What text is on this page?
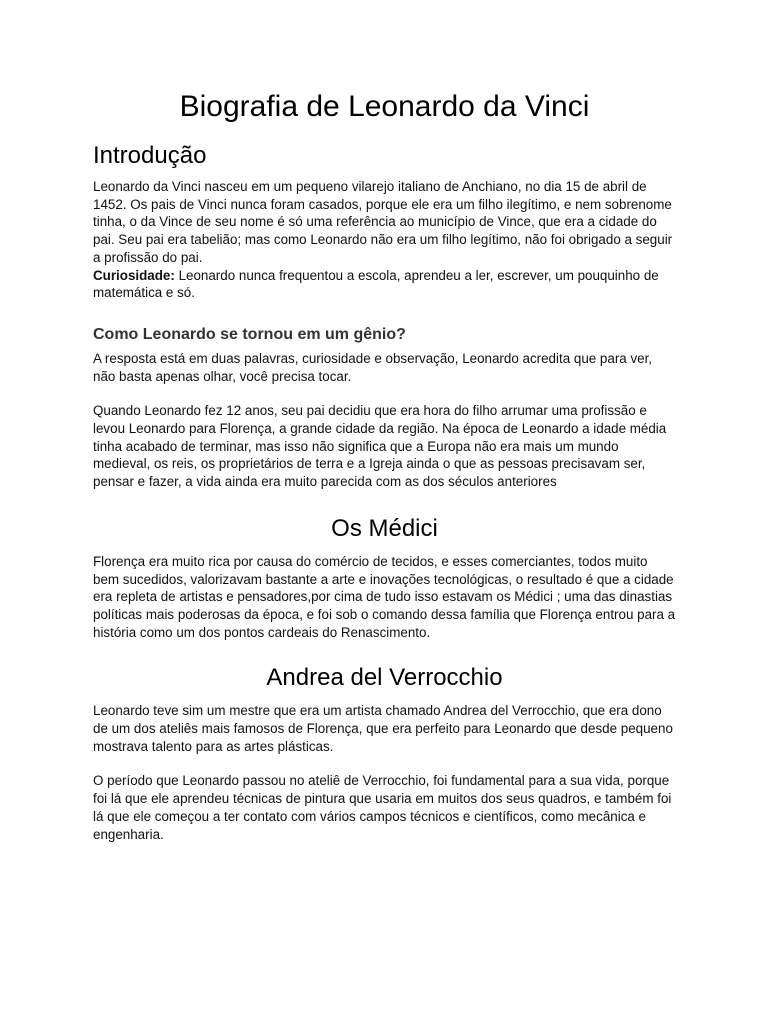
Biografia de Leonardo da Vinci
Introdução

Leonardo da Vinci nasceu em um pequeno vilarejo italiano de Anchiano, no dia 15 de abril de 1452. Os pais de Vinci nunca foram casados, porque ele era um filho ilegítimo, e nem sobrenome tinha, o da Vince de seu nome é só uma referência ao município de Vince, que era a cidade do pai. Seu pai era tabelião; mas como Leonardo não era um filho legítimo, não foi obrigado a seguir a profissão do pai.

Curiosidade: Leonardo nunca frequentou a escola, aprendeu a ler, escrever, um pouquinho de matemática e só.

Como Leonardo se tornou em um gênio?

A resposta está em duas palavras, curiosidade e observação, Leonardo acredita que para ver, não basta apenas olhar, você precisa tocar.

Quando Leonardo fez 12 anos, seu pai decidiu que era hora do filho arrumar uma profissão e levou Leonardo para Florença, a grande cidade da região. Na época de Leonardo a idade média tinha acabado de terminar, mas isso não significa que a Europa não era mais um mundo medieval, os reis, os proprietários de terra e a Igreja ainda o que as pessoas precisavam ser, pensar e fazer, a vida ainda era muito parecida com as dos séculos anteriores

Os Médici

Florença era muito rica por causa do comércio de tecidos, e esses comerciantes, todos muito bem sucedidos, valorizavam bastante a arte e inovações tecnológicas, o resultado é que a cidade era repleta de artistas e pensadores,por cima de tudo isso estavam os Médici ; uma das dinastias políticas mais poderosas da época, e foi sob o comando dessa família que Florença entrou para a história como um dos pontos cardeais do Renascimento.

Andrea del Verrocchio

Leonardo teve sim um mestre que era um artista chamado Andrea del Verrocchio, que era dono de um dos ateliês mais famosos de Florença, que era perfeito para Leonardo que desde pequeno mostrava talento para as artes plásticas.

O período que Leonardo passou no ateliê de Verrocchio, foi fundamental para a sua vida, porque foi lá que ele aprendeu técnicas de pintura que usaria em muitos dos seus quadros, e também foi lá que ele começou a ter contato com vários campos técnicos e científicos, como mecânica e engenharia.
